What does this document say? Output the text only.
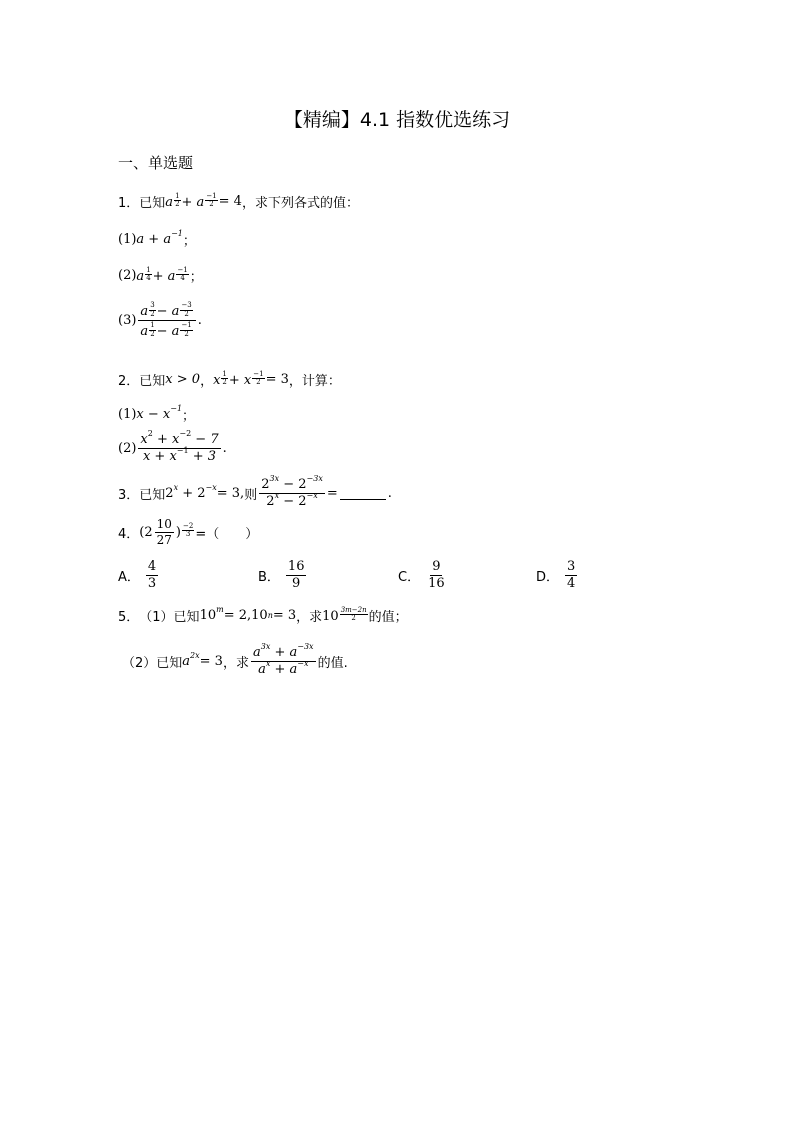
【精编】4.1 指数优选练习
一、单选题
1． 已知 a $\frac{1}{2} + a \frac{-1}{2} = 4$ ，求下列各式的值：
(1) $a + a^{-1}$
；
(2) a $\frac{1}{4} + a \frac{-1}{4}$ ；
$(3) \frac{a \frac{3}{2} - a \frac{-3}{2}}{a \frac{1}{2} - a \frac{-1}{2}}$ .
2． 已知 x > 0 ， x $\frac{1}{2} + x \frac{-1}{2} = 3$ ，计算：
(1) $x - x^{-1}$
；
$(2) \frac{x^2 + x^{-2} - 7}{x + x^{-1} + 3}$ .
3． 已知 $2^x + 2^{-x} = 3$, 则 $\frac{2^{3x} - 2^{-3x}}{2^x - 2^{-x}}$ =	.
4． ($2 \frac{10}{27}$ ) $\frac{-2}{3}$ =（　　）
A． $\frac{4}{3}$	B． $\frac{16}{9}$	C． $\frac{9}{16}$	D． $\frac{3}{4}$
5． （1）已知 $10^m = 2,10$ n = 3 ，求 $10 \frac{3m-2n}{2}$ 的值；
（2）已知 $a^{2x} = 3$ ，求 $\frac{a^{3x} + a^{-3x}}{a^x + a^{-x}}$ 的值.
